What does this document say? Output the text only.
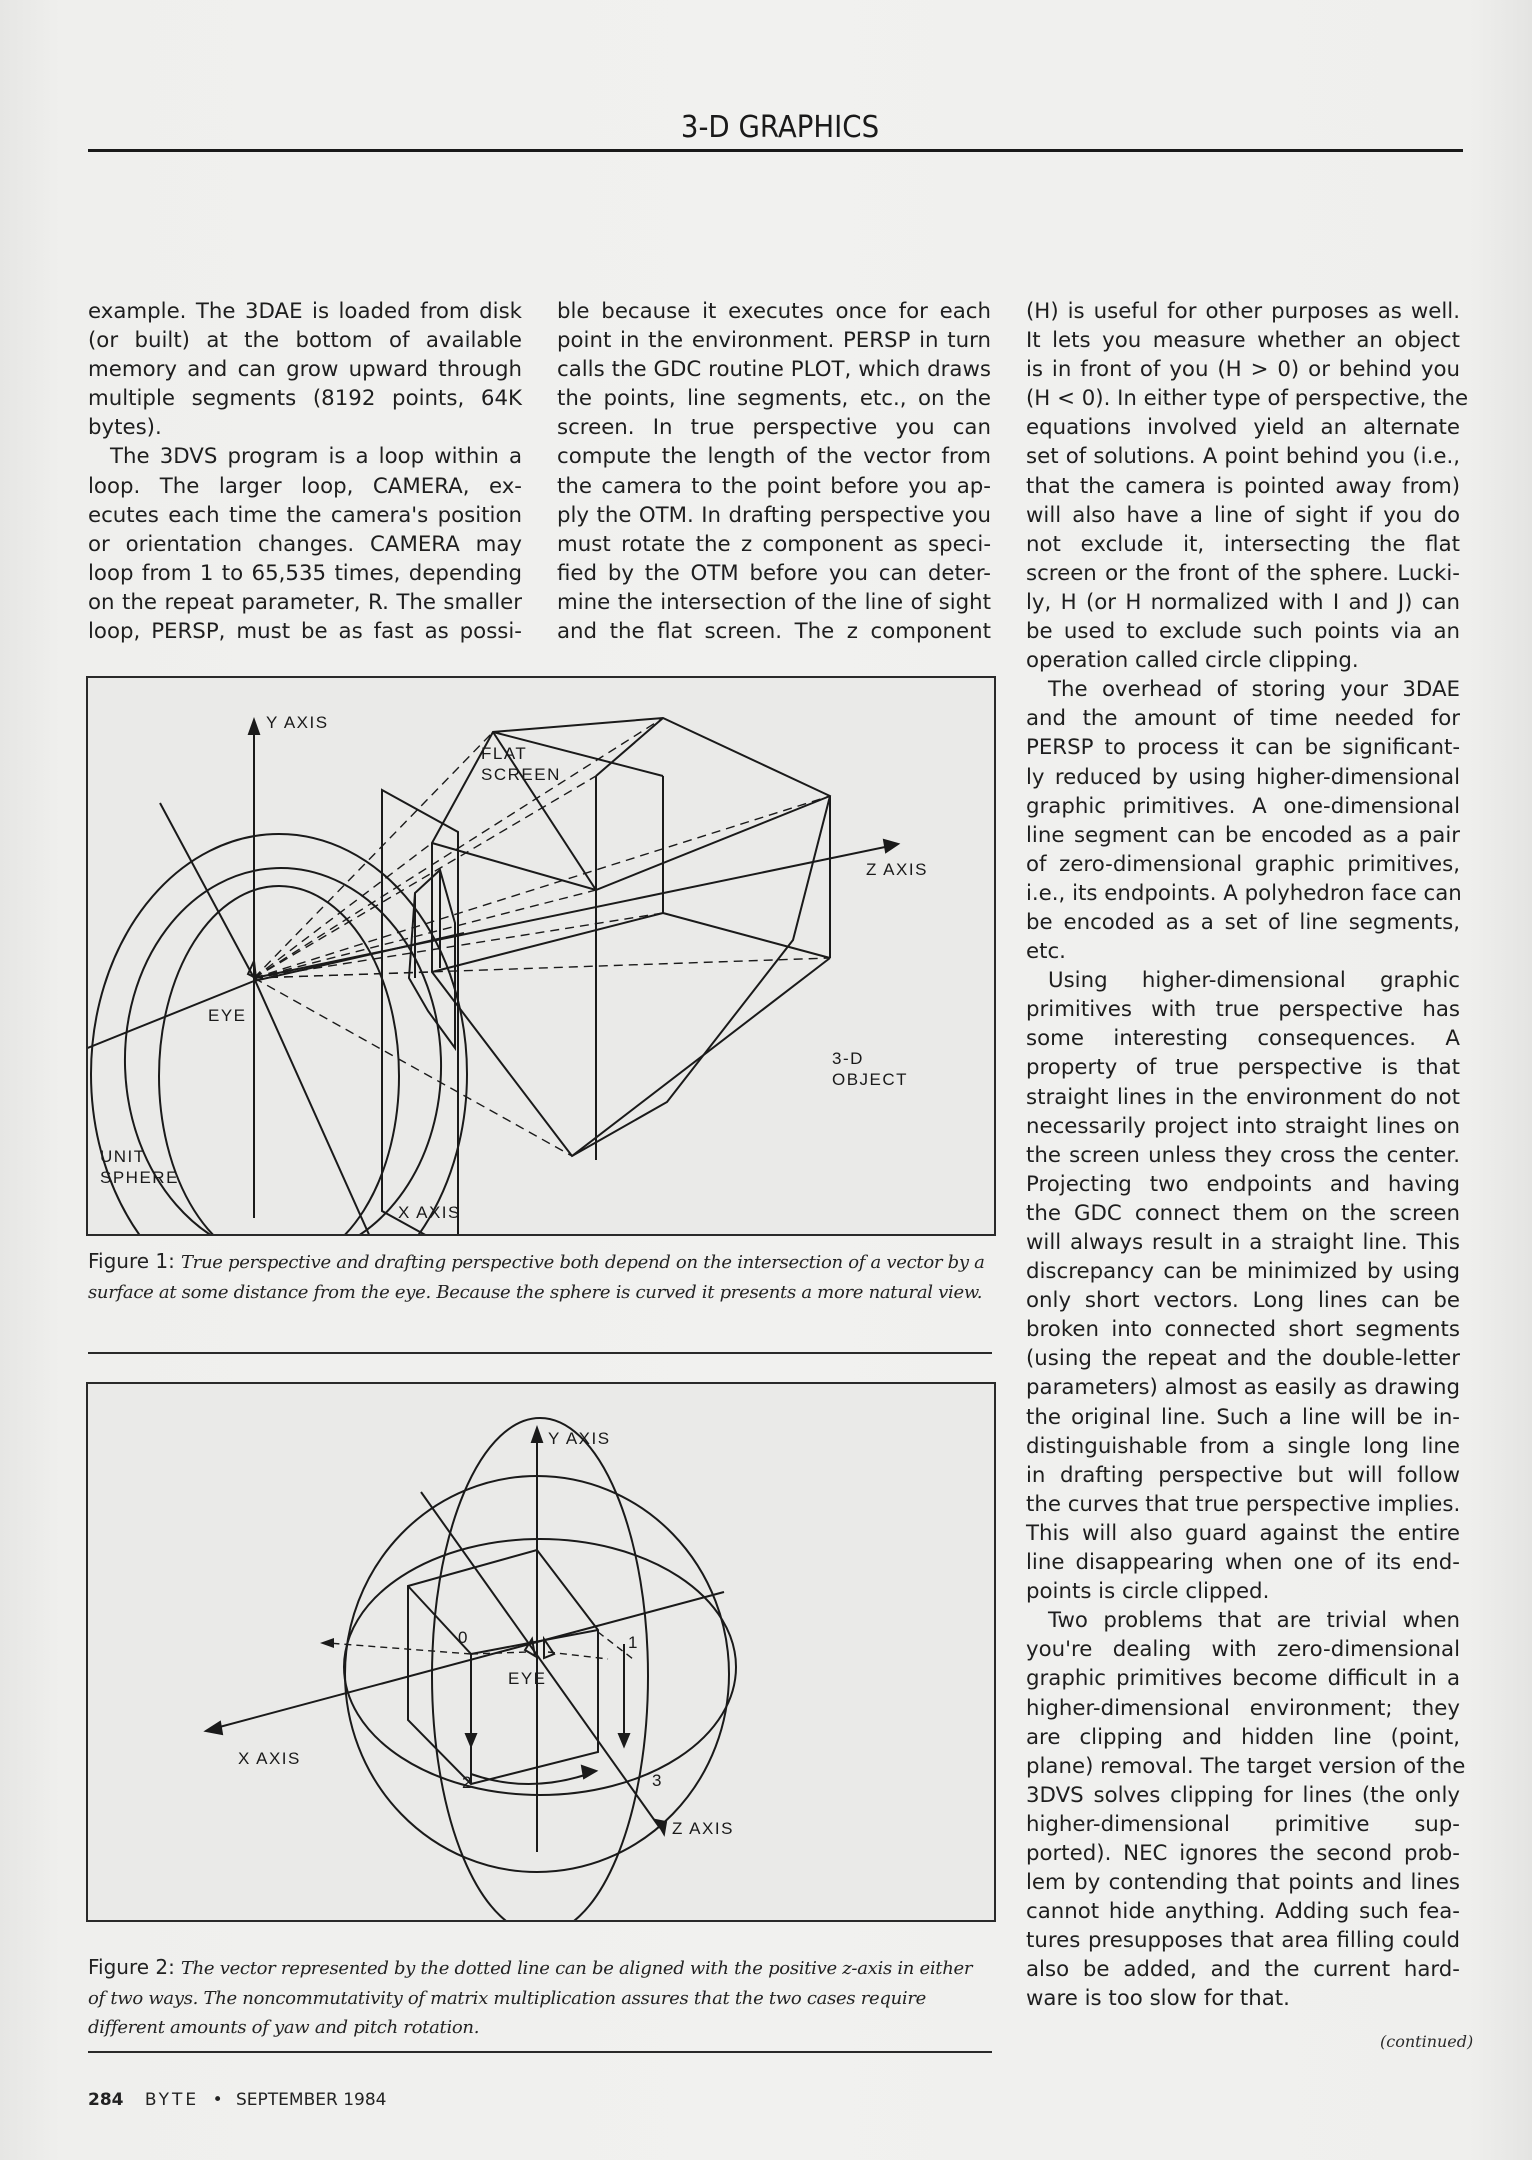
3-D GRAPHICS
example. The 3DAE is loaded from disk
(or built) at the bottom of available
memory and can grow upward through
multiple segments (8192 points, 64K
bytes).
The 3DVS program is a loop within a
loop. The larger loop, CAMERA, ex-
ecutes each time the camera's position
or orientation changes. CAMERA may
loop from 1 to 65,535 times, depending
on the repeat parameter, R. The smaller
loop, PERSP, must be as fast as possi-
ble because it executes once for each
point in the environment. PERSP in turn
calls the GDC routine PLOT, which draws
the points, line segments, etc., on the
screen. In true perspective you can
compute the length of the vector from
the camera to the point before you ap-
ply the OTM. In drafting perspective you
must rotate the z component as speci-
fied by the OTM before you can deter-
mine the intersection of the line of sight
and the flat screen. The z component
(H) is useful for other purposes as well.
It lets you measure whether an object
is in front of you (H > 0) or behind you
(H < 0). In either type of perspective, the
equations involved yield an alternate
set of solutions. A point behind you (i.e.,
that the camera is pointed away from)
will also have a line of sight if you do
not exclude it, intersecting the flat
screen or the front of the sphere. Lucki-
ly, H (or H normalized with I and J) can
be used to exclude such points via an
operation called circle clipping.
The overhead of storing your 3DAE
and the amount of time needed for
PERSP to process it can be significant-
ly reduced by using higher-dimensional
graphic primitives. A one-dimensional
line segment can be encoded as a pair
of zero-dimensional graphic primitives,
i.e., its endpoints. A polyhedron face can
be encoded as a set of line segments,
etc.
Using higher-dimensional graphic
primitives with true perspective has
some interesting consequences. A
property of true perspective is that
straight lines in the environment do not
necessarily project into straight lines on
the screen unless they cross the center.
Projecting two endpoints and having
the GDC connect them on the screen
will always result in a straight line. This
discrepancy can be minimized by using
only short vectors. Long lines can be
broken into connected short segments
(using the repeat and the double-letter
parameters) almost as easily as drawing
the original line. Such a line will be in-
distinguishable from a single long line
in drafting perspective but will follow
the curves that true perspective implies.
This will also guard against the entire
line disappearing when one of its end-
points is circle clipped.
Two problems that are trivial when
you're dealing with zero-dimensional
graphic primitives become difficult in a
higher-dimensional environment; they
are clipping and hidden line (point,
plane) removal. The target version of the
3DVS solves clipping for lines (the only
higher-dimensional primitive sup-
ported). NEC ignores the second prob-
lem by contending that points and lines
cannot hide anything. Adding such fea-
tures presupposes that area filling could
also be added, and the current hard-
ware is too slow for that.
(continued)
Y AXIS
FLAT
SCREEN
Z AXIS
EYE
3-D
OBJECT
UNIT
SPHERE
X AXIS
Figure 1: True perspective and drafting perspective both depend on the intersection of a vector by a surface at some distance from the eye. Because the sphere is curved it presents a more natural view.
Y AXIS
X AXIS
Z AXIS
EYE
0	1
2	3
Figure 2: The vector represented by the dotted line can be aligned with the positive z-axis in either of two ways. The noncommutativity of matrix multiplication assures that the two cases require different amounts of yaw and pitch rotation.
284 BYTE • SEPTEMBER 1984
